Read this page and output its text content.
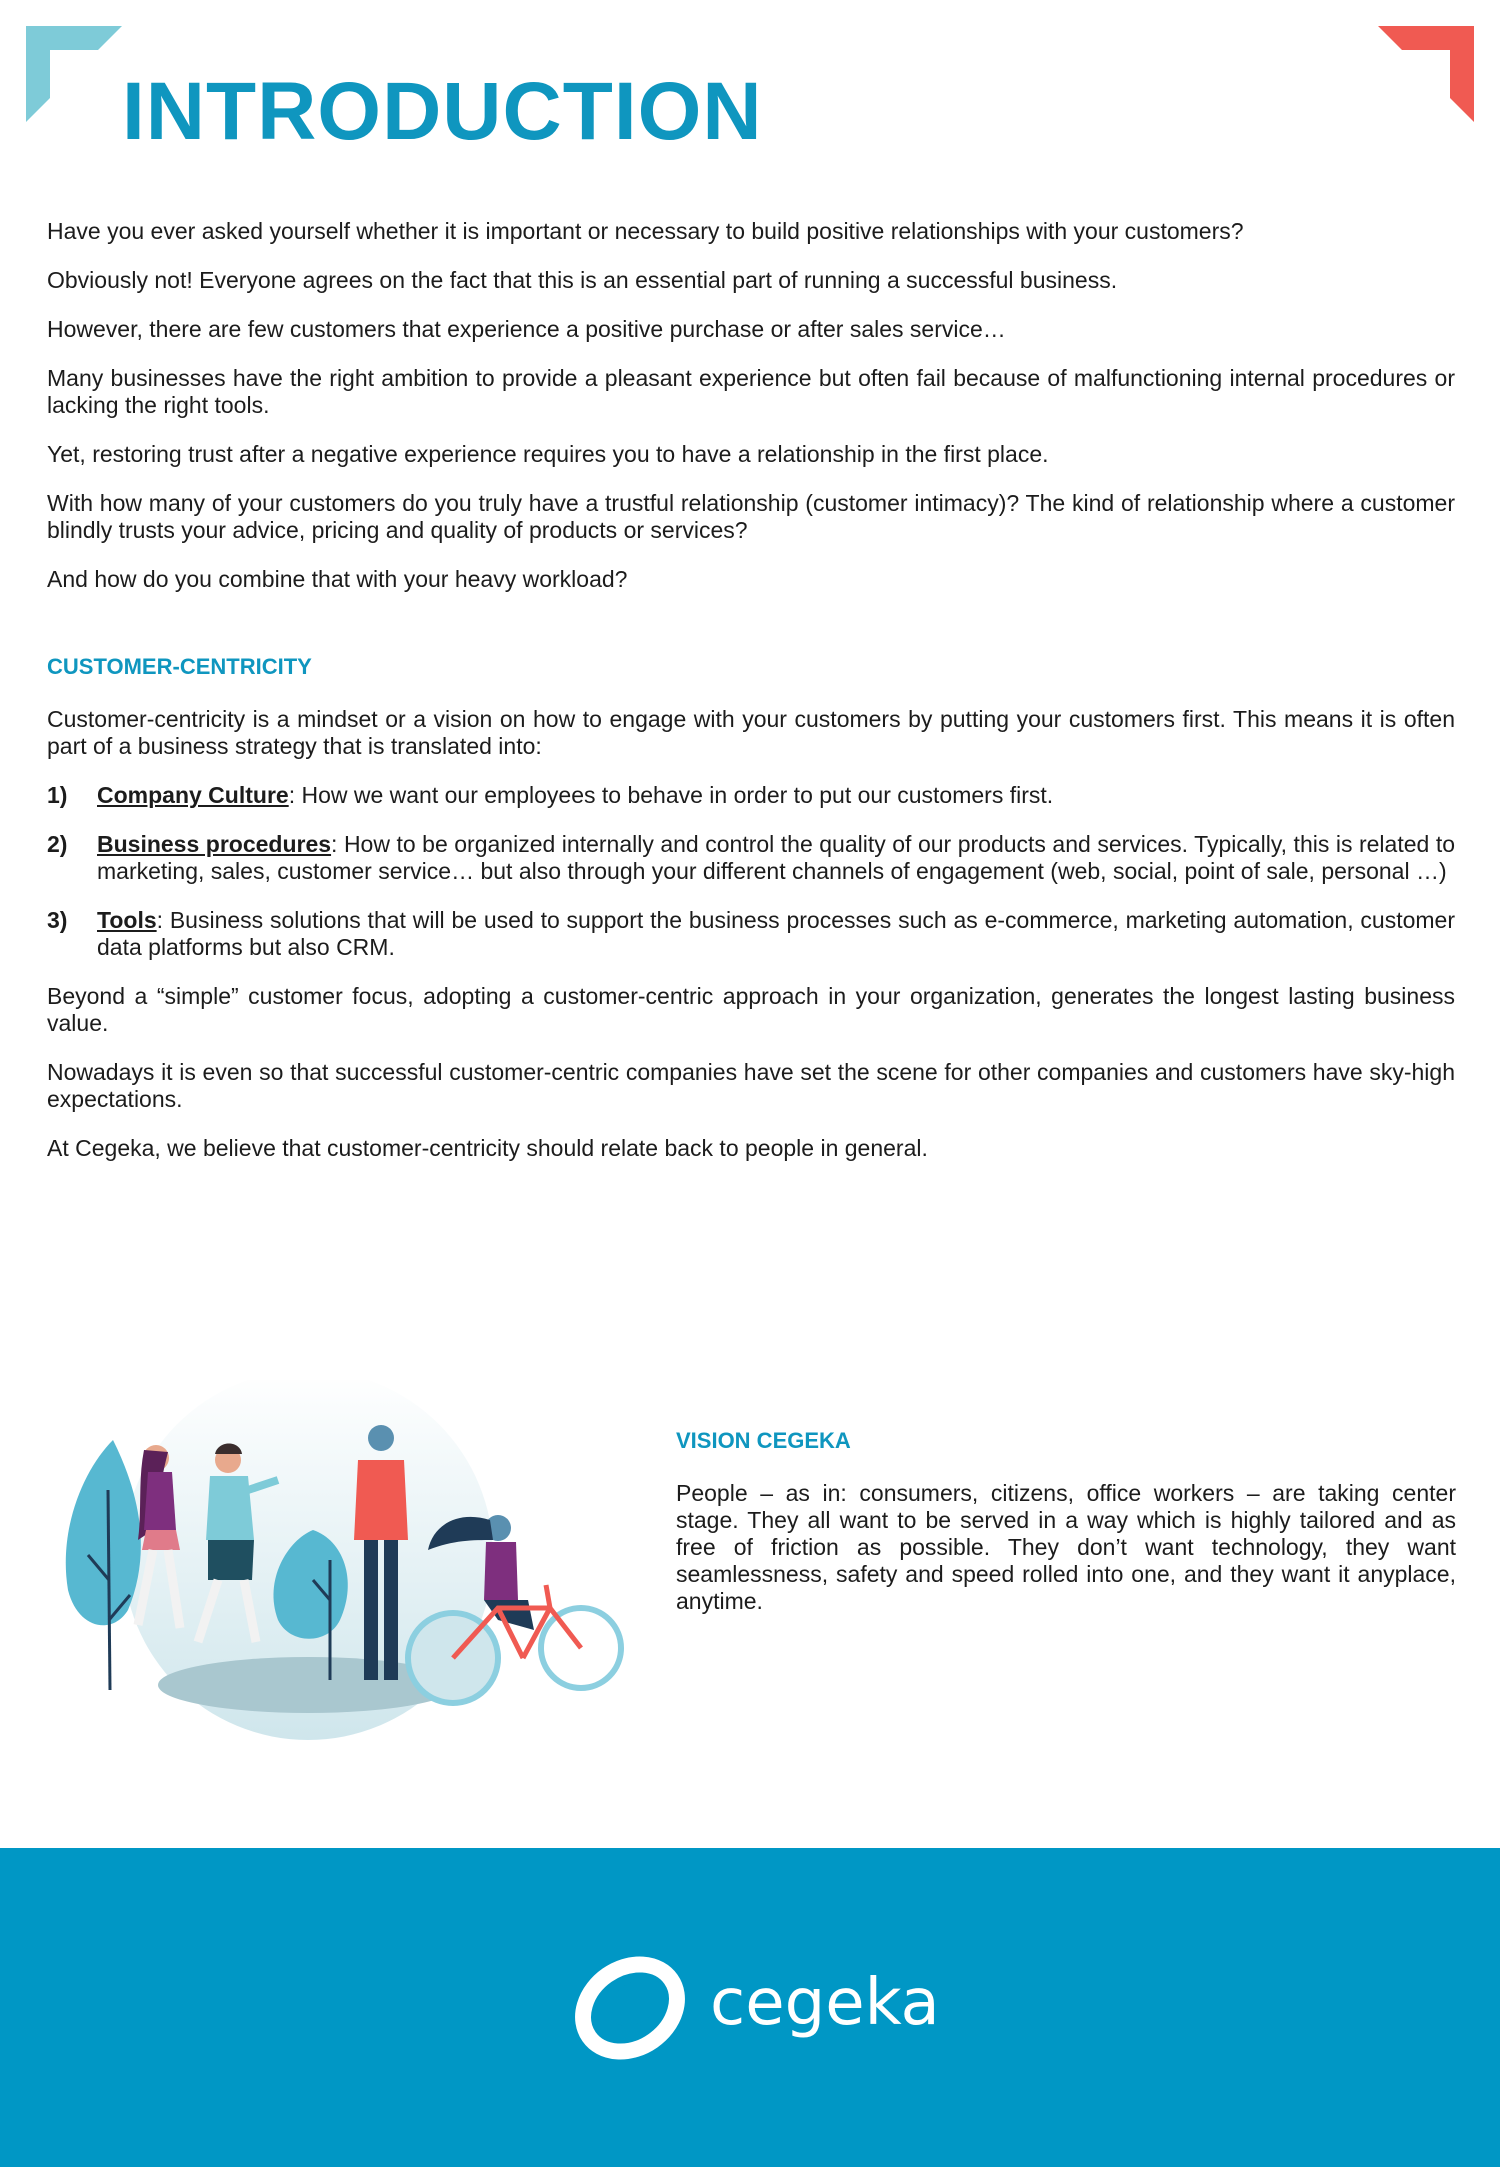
INTRODUCTION

Have you ever asked yourself whether it is important or necessary to build positive relationships with your customers?

Obviously not! Everyone agrees on the fact that this is an essential part of running a successful business.

However, there are few customers that experience a positive purchase or after sales service…

Many businesses have the right ambition to provide a pleasant experience but often fail because of malfunctioning internal procedures or lacking the right tools.

Yet, restoring trust after a negative experience requires you to have a relationship in the first place.

With how many of your customers do you truly have a trustful relationship (customer intimacy)? The kind of relationship where a customer blindly trusts your advice, pricing and quality of products or services?

And how do you combine that with your heavy workload?

CUSTOMER-CENTRICITY

Customer-centricity is a mindset or a vision on how to engage with your customers by putting your customers first. This means it is often part of a business strategy that is translated into:

1)	Company Culture: How we want our employees to behave in order to put our customers first.
2)	Business procedures: How to be organized internally and control the quality of our products and services. Typically, this is related to marketing, sales, customer service… but also through your different channels of engagement (web, social, point of sale, personal …)
3)	Tools: Business solutions that will be used to support the business processes such as e-commerce, marketing automation, customer data platforms but also CRM.

Beyond a “simple” customer focus, adopting a customer-centric approach in your organization, generates the longest lasting business value.

Nowadays it is even so that successful customer-centric companies have set the scene for other companies and customers have sky-high expectations.

At Cegeka, we believe that customer-centricity should relate back to people in general.

VISION CEGEKA

People – as in: consumers, citizens, office workers – are taking center stage. They all want to be served in a way which is highly tailored and as free of friction as possible. They don’t want technology, they want seamlessness, safety and speed rolled into one, and they want it anyplace, anytime.

cegeka
